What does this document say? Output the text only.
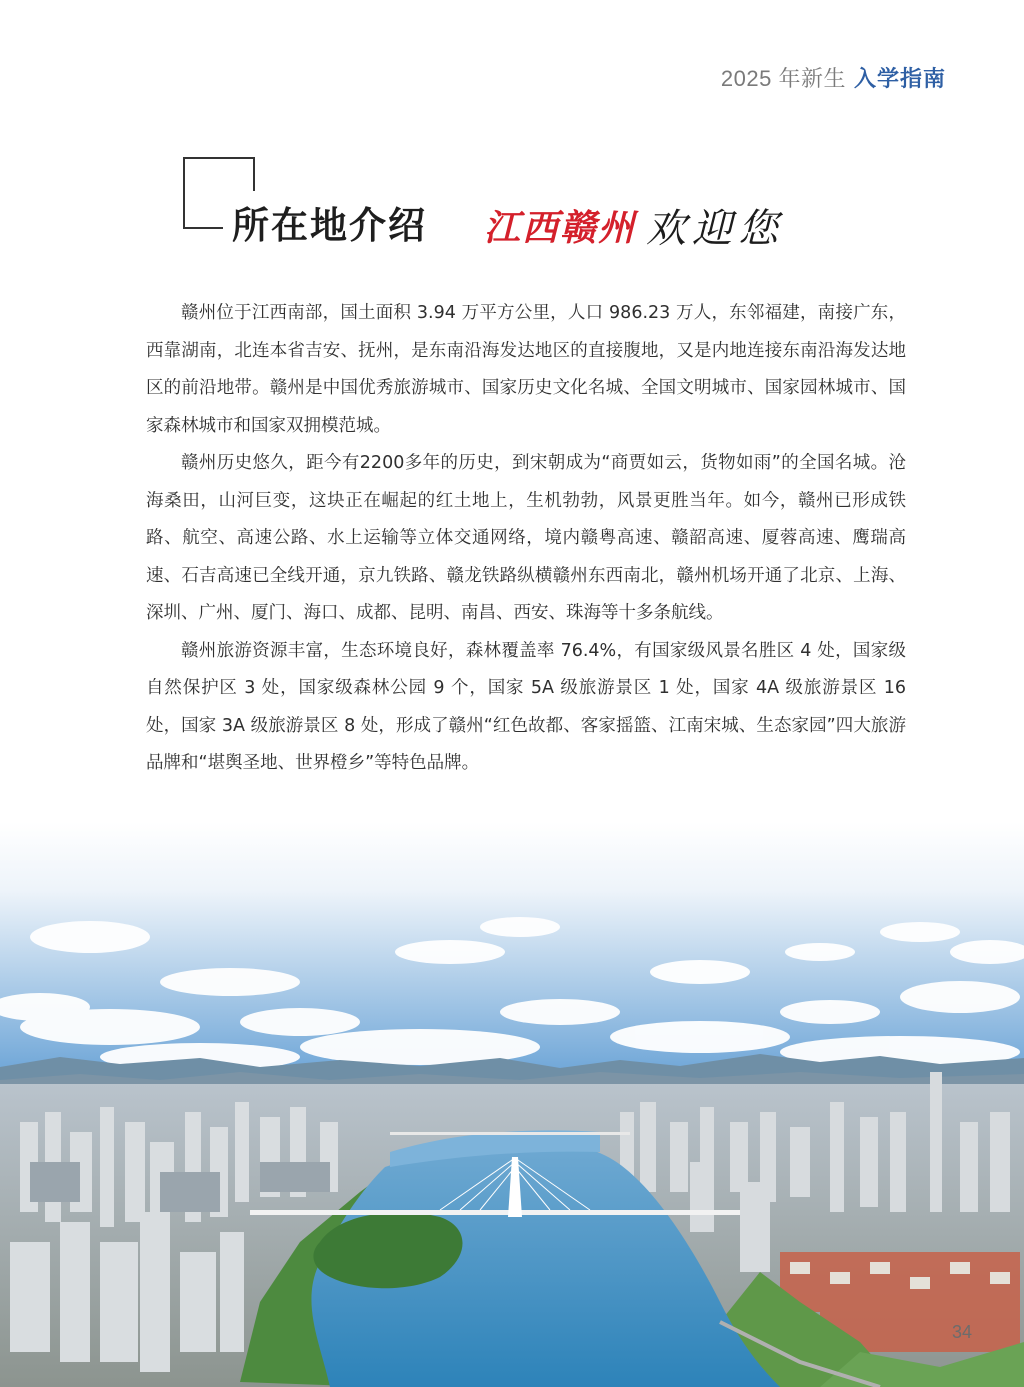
2025 年新生 入学指南
所在地介绍 江西赣州 欢迎您

赣州位于江西南部，国土面积 3.94 万平方公里，人口 986.23 万人，东邻福建，南接广东，西靠湖南，北连本省吉安、抚州，是东南沿海发达地区的直接腹地，又是内地连接东南沿海发达地区的前沿地带。赣州是中国优秀旅游城市、国家历史文化名城、全国文明城市、国家园林城市、国家森林城市和国家双拥模范城。

赣州历史悠久，距今有2200多年的历史，到宋朝成为“商贾如云，货物如雨”的全国名城。沧海桑田，山河巨变，这块正在崛起的红土地上，生机勃勃，风景更胜当年。如今，赣州已形成铁路、航空、高速公路、水上运输等立体交通网络，境内赣粤高速、赣韶高速、厦蓉高速、鹰瑞高速、石吉高速已全线开通，京九铁路、赣龙铁路纵横赣州东西南北，赣州机场开通了北京、上海、深圳、广州、厦门、海口、成都、昆明、南昌、西安、珠海等十多条航线。

赣州旅游资源丰富，生态环境良好，森林覆盖率 76.4%，有国家级风景名胜区 4 处，国家级自然保护区 3 处，国家级森林公园 9 个，国家 5A 级旅游景区 1 处，国家 4A 级旅游景区 16 处，国家 3A 级旅游景区 8 处，形成了赣州“红色故都、客家摇篮、江南宋城、生态家园”四大旅游品牌和“堪舆圣地、世界橙乡”等特色品牌。

34
